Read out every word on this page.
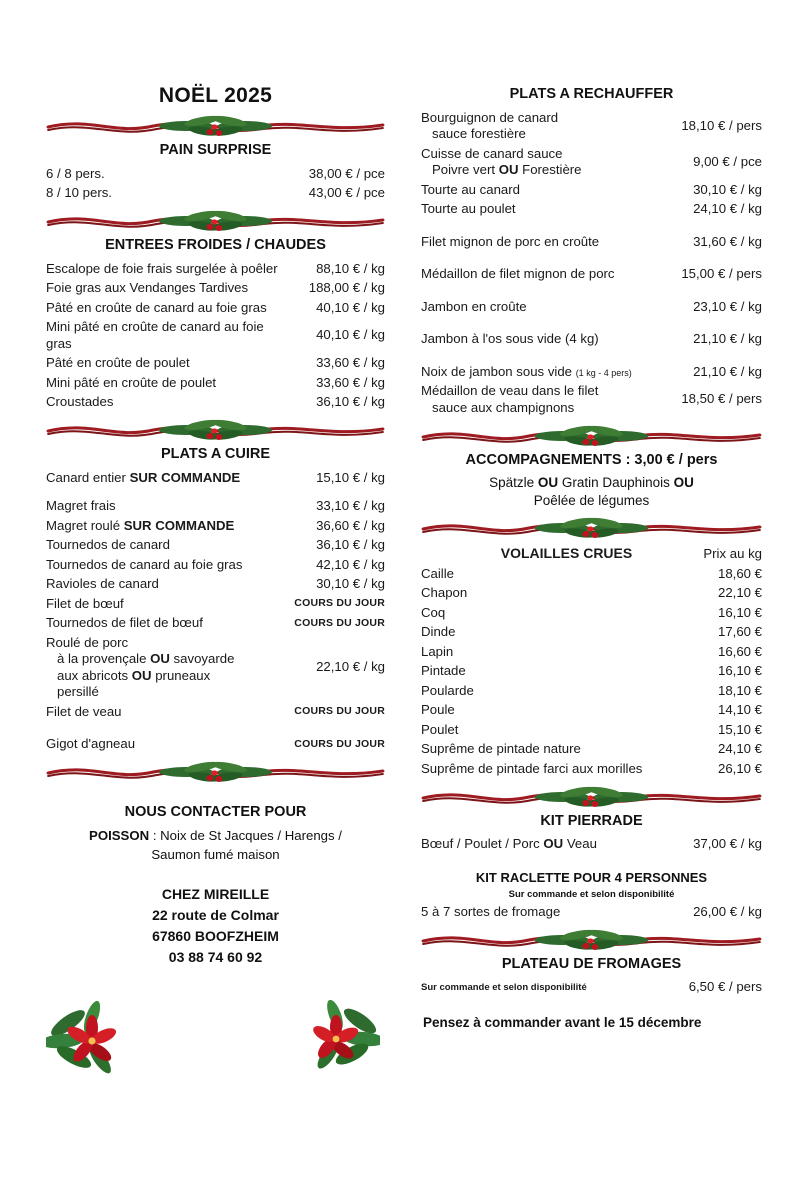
NOËL 2025
PAIN SURPRISE
6 / 8 pers.	38,00 € / pce
8 / 10 pers.	43,00 € / pce
ENTREES FROIDES / CHAUDES
Escalope de foie frais surgelée à poêler	88,10 € / kg
Foie gras aux Vendanges Tardives	188,00 € / kg
Pâté en croûte de canard au foie gras	40,10 € / kg
Mini pâté en croûte de canard au foie gras	40,10 € / kg
Pâté en croûte de poulet	33,60 € / kg
Mini pâté en croûte de poulet	33,60 € / kg
Croustades	36,10 € / kg
PLATS A CUIRE
Canard entier SUR COMMANDE	15,10 € / kg

Magret frais	33,10 € / kg
Magret roulé SUR COMMANDE	36,60 € / kg
Tournedos de canard	36,10 € / kg
Tournedos de canard au foie gras	42,10 € / kg
Ravioles de canard	30,10 € / kg
Filet de bœuf	COURS DU JOUR
Tournedos de filet de bœuf	COURS DU JOUR

Roulé de porc
à la provençale OU savoyarde
aux abricots OU pruneaux
persillé	22,10 € / kg
Filet de veau	COURS DU JOUR

Gigot d'agneau	COURS DU JOUR
NOUS CONTACTER POUR
POISSON : Noix de St Jacques / Harengs /
Saumon fumé maison
CHEZ MIREILLE
22 route de Colmar
67860 BOOFZHEIM
03 88 74 60 92
PLATS A RECHAUFFER
Bourguignon de canard
sauce forestière	18,10 € / pers

Cuisse de canard sauce
Poivre vert OU Forestière	9,00 € / pce
Tourte au canard	30,10 € / kg
Tourte au poulet	24,10 € / kg

Filet mignon de porc en croûte	31,60 € / kg

Médaillon de filet mignon de porc	15,00 € / pers

Jambon en croûte	23,10 € / kg

Jambon à l'os sous vide (4 kg)	21,10 € / kg

Noix de jambon sous vide (1 kg - 4 pers)	21,10 € / kg

Médaillon de veau dans le filet
sauce aux champignons	18,50 € / pers
ACCOMPAGNEMENTS : 3,00 € / pers
Spätzle OU Gratin Dauphinois OU
Poêlée de légumes
VOLAILLES CRUES	Prix au kg
Caille	18,60 €
Chapon	22,10 €
Coq	16,10 €
Dinde	17,60 €
Lapin	16,60 €
Pintade	16,10 €
Poularde	18,10 €
Poule	14,10 €
Poulet	15,10 €
Suprême de pintade nature	24,10 €
Suprême de pintade farci aux morilles	26,10 €
KIT PIERRADE
Bœuf / Poulet / Porc OU Veau	37,00 € / kg
KIT RACLETTE POUR 4 PERSONNES
Sur commande et selon disponibilité
5 à 7 sortes de fromage	26,00 € / kg
PLATEAU DE FROMAGES
Sur commande et selon disponibilité	6,50 € / pers
Pensez à commander avant le 15 décembre
